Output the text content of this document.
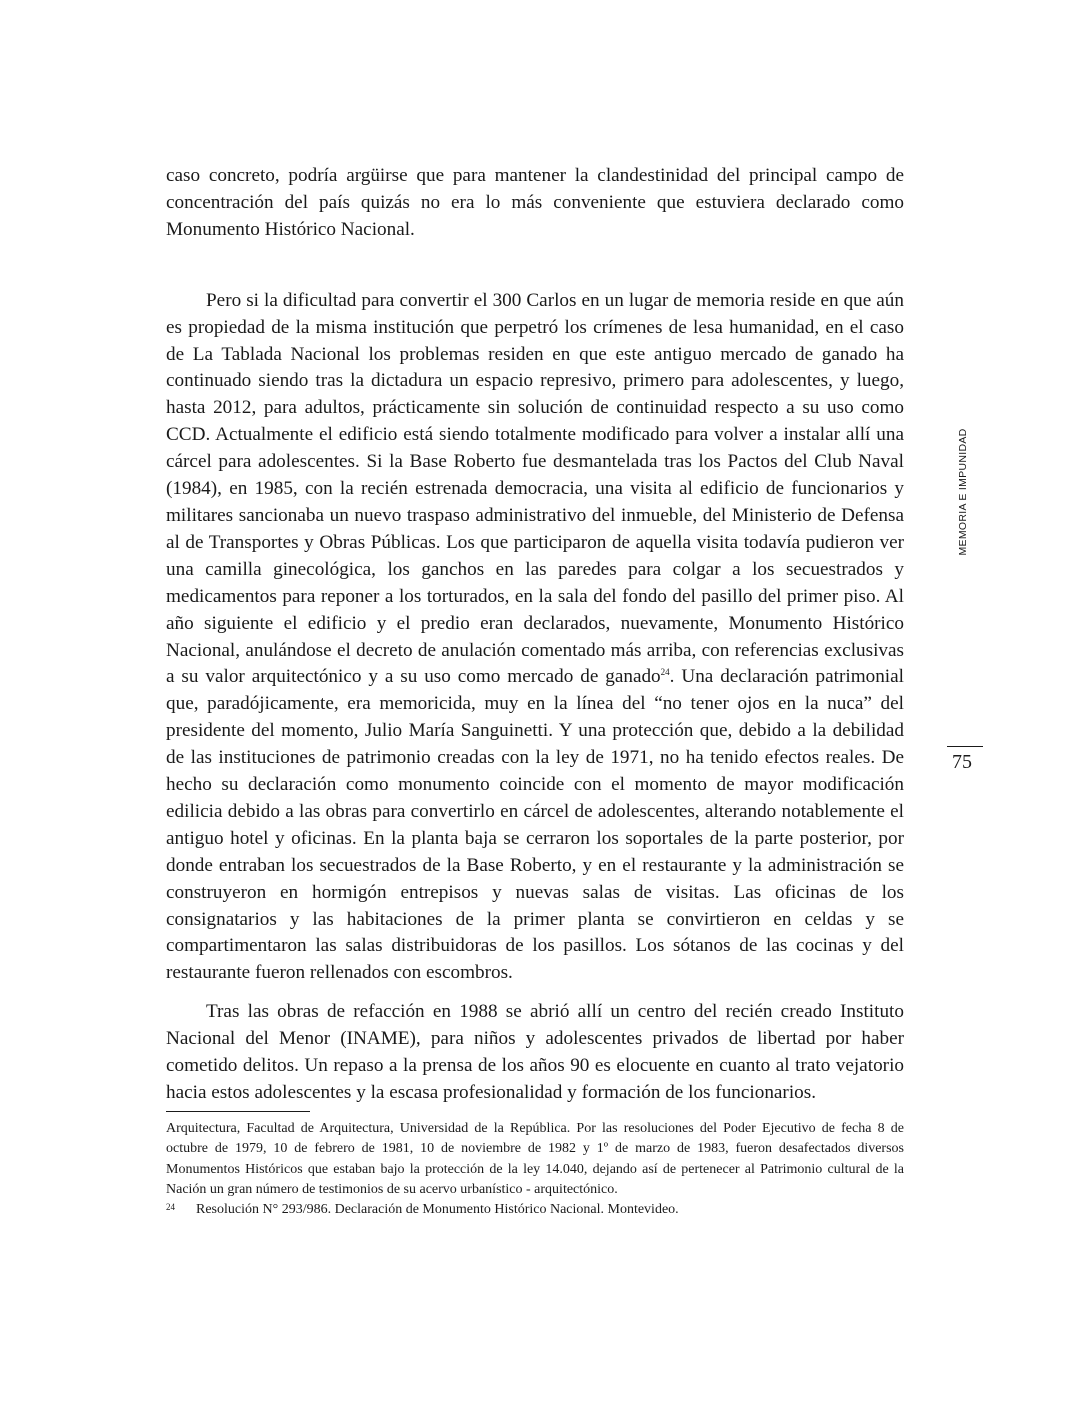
caso concreto, podría argüirse que para mantener la clandestinidad del principal campo de concentración del país quizás no era lo más conveniente que estuviera declarado como Monumento Histórico Nacional.

Pero si la dificultad para convertir el 300 Carlos en un lugar de memoria reside en que aún es propiedad de la misma institución que perpetró los crímenes de lesa humanidad, en el caso de La Tablada Nacional los problemas residen en que este antiguo mercado de ganado ha continuado siendo tras la dictadura un espacio represivo, primero para adolescentes, y luego, hasta 2012, para adultos, prácticamente sin solución de continuidad respecto a su uso como CCD. Actualmente el edificio está siendo totalmente modificado para volver a instalar allí una cárcel para adolescentes. Si la Base Roberto fue desmantelada tras los Pactos del Club Naval (1984), en 1985, con la recién estrenada democracia, una visita al edificio de funcionarios y militares sancionaba un nuevo traspaso administrativo del inmueble, del Ministerio de Defensa al de Transportes y Obras Públicas. Los que participaron de aquella visita todavía pudieron ver una camilla ginecológica, los ganchos en las paredes para colgar a los secuestrados y medicamentos para reponer a los torturados, en la sala del fondo del pasillo del primer piso. Al año siguiente el edificio y el predio eran declarados, nuevamente, Monumento Histórico Nacional, anulándose el decreto de anulación comentado más arriba, con referencias exclusivas a su valor arquitectónico y a su uso como mercado de ganado$^{24}$. Una declaración patrimonial que, paradójicamente, era memoricida, muy en la línea del “no tener ojos en la nuca” del presidente del momento, Julio María Sanguinetti. Y una protección que, debido a la debilidad de las instituciones de patrimonio creadas con la ley de 1971, no ha tenido efectos reales. De hecho su declaración como monumento coincide con el momento de mayor modificación edilicia debido a las obras para convertirlo en cárcel de adolescentes, alterando notablemente el antiguo hotel y oficinas. En la planta baja se cerraron los soportales de la parte posterior, por donde entraban los secuestrados de la Base Roberto, y en el restaurante y la administración se construyeron en hormigón entrepisos y nuevas salas de visitas. Las oficinas de los consignatarios y las habitaciones de la primer planta se convirtieron en celdas y se compartimentaron las salas distribuidoras de los pasillos. Los sótanos de las cocinas y del restaurante fueron rellenados con escombros.

Tras las obras de refacción en 1988 se abrió allí un centro del recién creado Instituto Nacional del Menor (INAME), para niños y adolescentes privados de libertad por haber cometido delitos. Un repaso a la prensa de los años 90 es elocuente en cuanto al trato vejatorio hacia estos adolescentes y la escasa profesionalidad y formación de los funcionarios.

Arquitectura, Facultad de Arquitectura, Universidad de la República. Por las resoluciones del Poder Ejecutivo de fecha 8 de octubre de 1979, 10 de febrero de 1981, 10 de noviembre de 1982 y 1º de marzo de 1983, fueron desafectados diversos Monumentos Históricos que estaban bajo la protección de la ley 14.040, dejando así de pertenecer al Patrimonio cultural de la Nación un gran número de testimonios de su acervo urbanístico - arquitectónico.

24	Resolución N° 293/986. Declaración de Monumento Histórico Nacional. Montevideo.
MEMORIA E IMPUNIDAD
75
